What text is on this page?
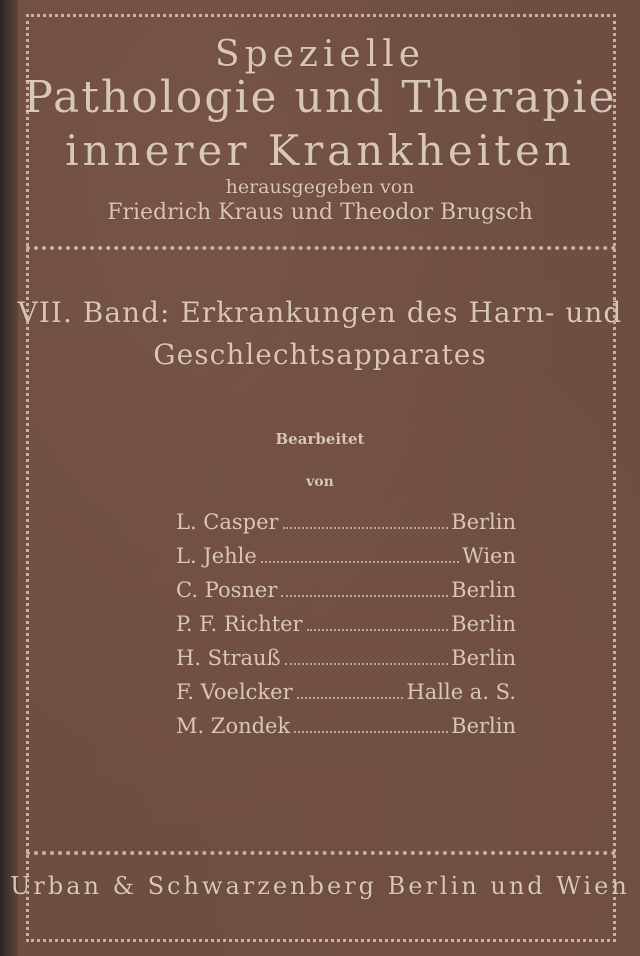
Spezielle
Pathologie und Therapie
innerer Krankheiten
herausgegeben von
Friedrich Kraus und Theodor Brugsch
VII. Band: Erkrankungen des Harn- und
Geschlechtsapparates
Bearbeitet
von
L. Casper	Berlin
L. Jehle	Wien
C. Posner	Berlin
P. F. Richter	Berlin
H. Strauß	Berlin
F. Voelcker	Halle a. S.
M. Zondek	Berlin
Urban & Schwarzenberg Berlin und Wien
